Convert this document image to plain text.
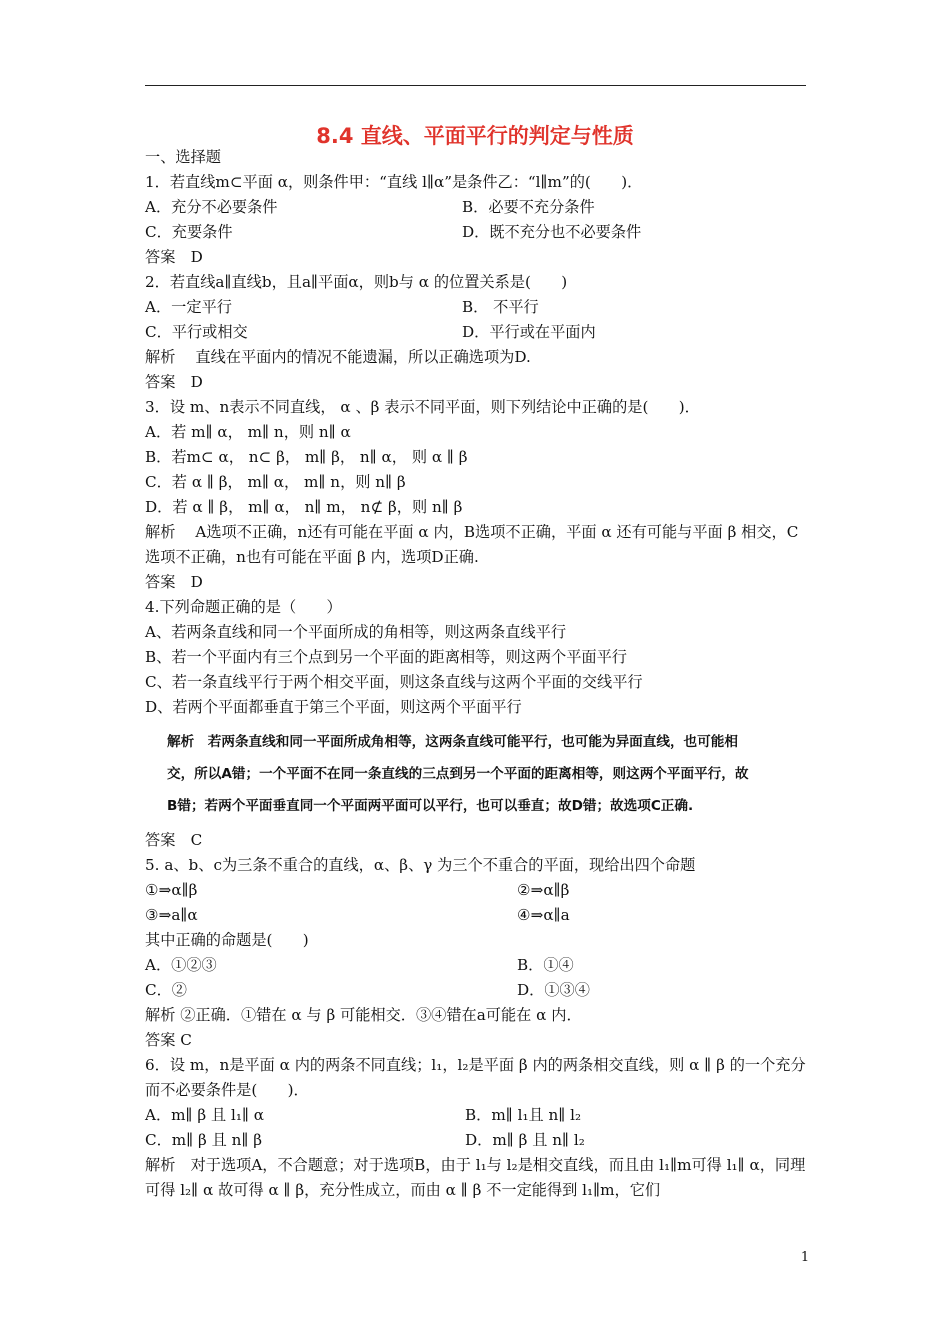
8.4 直线、平面平行的判定与性质
一、选择题
1．若直线m⊂平面 α，则条件甲：“直线 l∥α”是条件乙：“l∥m”的(　　)．
A．充分不必要条件	B．必要不充分条件
C．充要条件	D．既不充分也不必要条件
答案　D
2．若直线a∥直线b，且a∥平面α，则b与 α 的位置关系是(　　)
A．一定平行	B． 不平行
C．平行或相交	D．平行或在平面内
解析　 直线在平面内的情况不能遗漏，所以正确选项为D.
答案　D
3．设 m、n表示不同直线， α 、β 表示不同平面，则下列结论中正确的是(　　)．
A．若 m∥ α， m∥ n，则 n∥ α
B．若m⊂ α， n⊂ β， m∥ β， n∥ α， 则 α ∥ β
C．若 α ∥ β， m∥ α， m∥ n，则 n∥ β
D．若 α ∥ β， m∥ α， n∥ m， n⊄ β，则 n∥ β
解析　 A选项不正确，n还有可能在平面 α 内，B选项不正确，平面 α 还有可能与平面 β 相交，C选项不正确，n也有可能在平面 β 内，选项D正确.
答案　D
4.下列命题正确的是（　　）
A、若两条直线和同一个平面所成的角相等，则这两条直线平行
B、若一个平面内有三个点到另一个平面的距离相等，则这两个平面平行
C、若一条直线平行于两个相交平面，则这条直线与这两个平面的交线平行
D、若两个平面都垂直于第三个平面，则这两个平面平行
解析　若两条直线和同一平面所成角相等，这两条直线可能平行，也可能为异面直线，也可能相
交，所以A错；一个平面不在同一条直线的三点到另一个平面的距离相等，则这两个平面平行，故
B错；若两个平面垂直同一个平面两平面可以平行，也可以垂直；故D错；故选项C正确.
答案　C
5. a、b、c为三条不重合的直线，α、β、γ 为三个不重合的平面，现给出四个命题
①⇒α∥β	②⇒α∥β
③⇒a∥α	④⇒α∥a
其中正确的命题是(　　)
A．①②③	B．①④
C．②	D．①③④
解析 ②正确．①错在 α 与 β 可能相交．③④错在a可能在 α 内．
答案 C
6．设 m，n是平面 α 内的两条不同直线；l₁，l₂是平面 β 内的两条相交直线，则 α ∥ β 的一个充分而不必要条件是(　　)．
A．m∥ β 且 l₁∥ α	B．m∥ l₁且 n∥ l₂
C．m∥ β 且 n∥ β	D．m∥ β 且 n∥ l₂
解析　对于选项A，不合题意；对于选项B，由于 l₁与 l₂是相交直线，而且由 l₁∥m可得 l₁∥ α，同理可得 l₂∥ α 故可得 α ∥ β，充分性成立，而由 α ∥ β 不一定能得到 l₁∥m，它们
1
